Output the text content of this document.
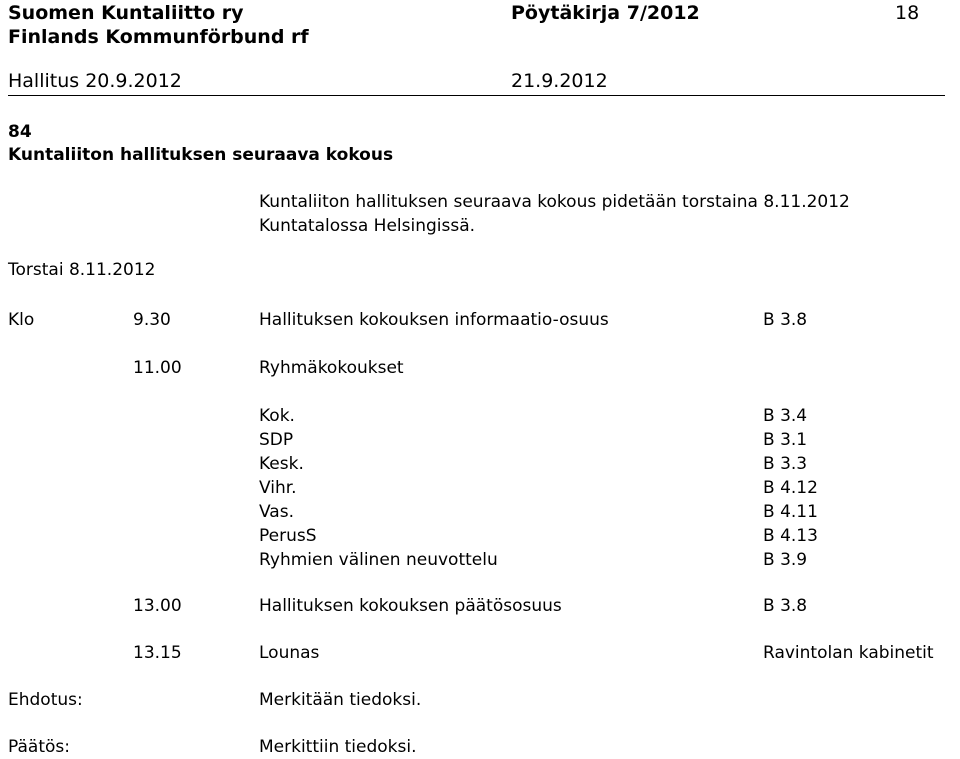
Suomen Kuntaliitto ry
Finlands Kommunförbund rf
Pöytäkirja 7/2012	18
Hallitus 20.9.2012	21.9.2012
84
Kuntaliiton hallituksen seuraava kokous
Kuntaliiton hallituksen seuraava kokous pidetään torstaina 8.11.2012
Kuntatalossa Helsingissä.
Torstai 8.11.2012
Klo	9.30	Hallituksen kokouksen informaatio-osuus	B 3.8
11.00	Ryhmäkokoukset
Kok.	B 3.4
SDP	B 3.1
Kesk.	B 3.3
Vihr.	B 4.12
Vas.	B 4.11
PerusS	B 4.13
Ryhmien välinen neuvottelu	B 3.9
13.00	Hallituksen kokouksen päätösosuus	B 3.8
13.15	Lounas	Ravintolan kabinetit
Ehdotus:	Merkitään tiedoksi.
Päätös:	Merkittiin tiedoksi.
